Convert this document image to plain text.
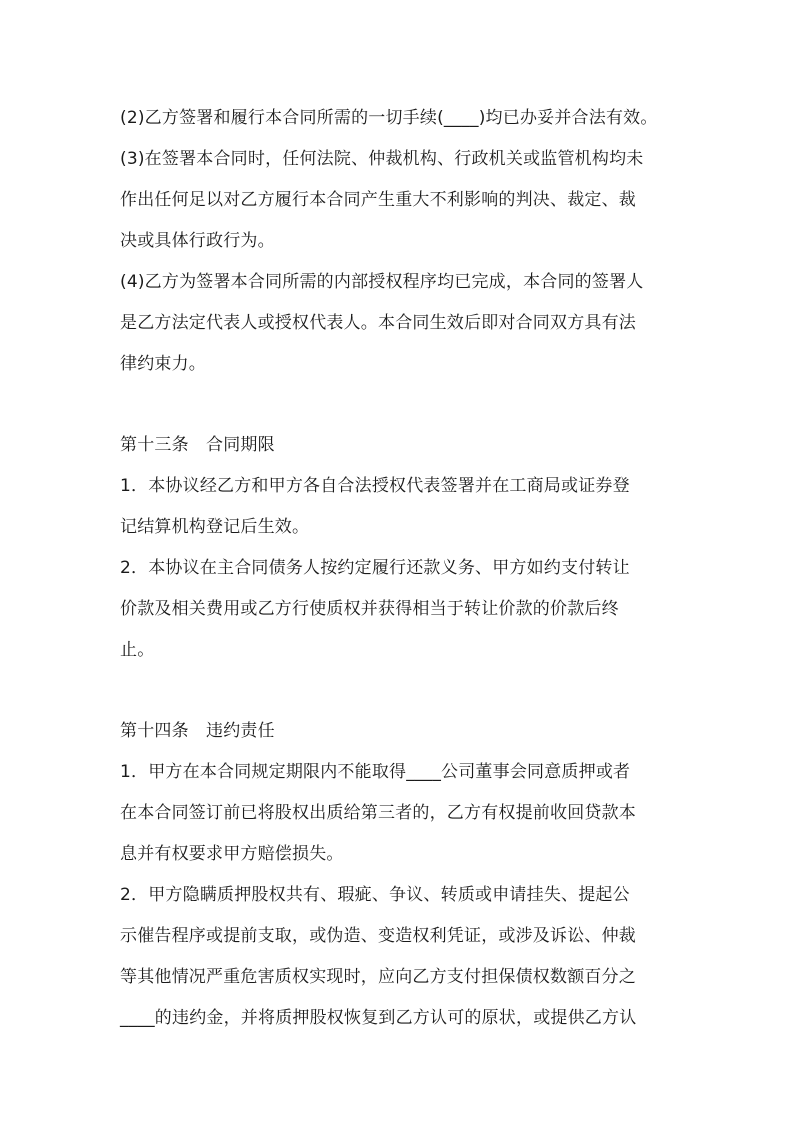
(2)乙方签署和履行本合同所需的一切手续(____)均已办妥并合法有效。
(3)在签署本合同时，任何法院、仲裁机构、行政机关或监管机构均未
作出任何足以对乙方履行本合同产生重大不利影响的判决、裁定、裁
决或具体行政行为。
(4)乙方为签署本合同所需的内部授权程序均已完成，本合同的签署人
是乙方法定代表人或授权代表人。本合同生效后即对合同双方具有法
律约束力。
第十三条　合同期限
1．本协议经乙方和甲方各自合法授权代表签署并在工商局或证券登
记结算机构登记后生效。
2．本协议在主合同债务人按约定履行还款义务、甲方如约支付转让
价款及相关费用或乙方行使质权并获得相当于转让价款的价款后终
止。
第十四条　违约责任
1．甲方在本合同规定期限内不能取得____公司董事会同意质押或者
在本合同签订前已将股权出质给第三者的，乙方有权提前收回贷款本
息并有权要求甲方赔偿损失。
2．甲方隐瞒质押股权共有、瑕疵、争议、转质或申请挂失、提起公
示催告程序或提前支取，或伪造、变造权利凭证，或涉及诉讼、仲裁
等其他情况严重危害质权实现时，应向乙方支付担保债权数额百分之
____的违约金，并将质押股权恢复到乙方认可的原状，或提供乙方认
